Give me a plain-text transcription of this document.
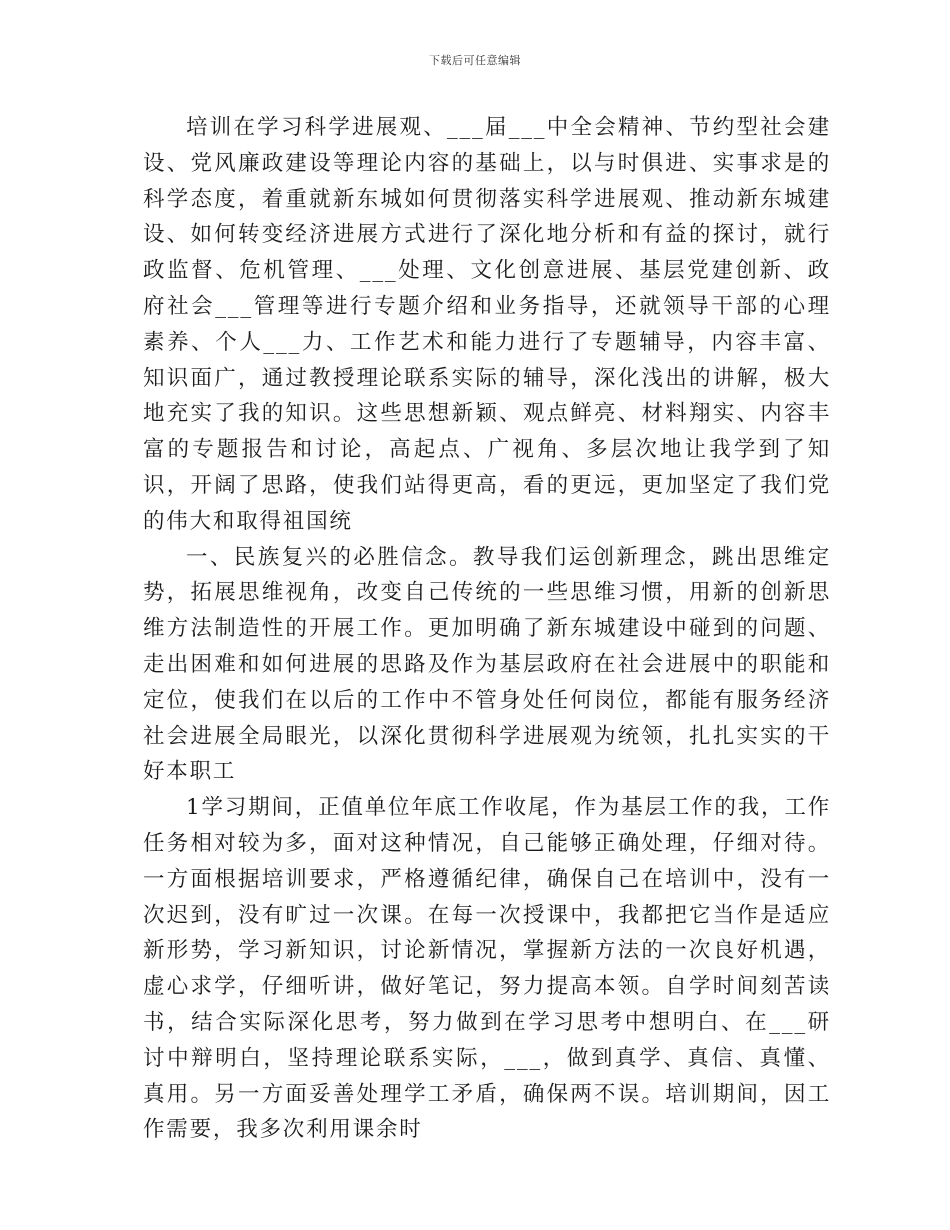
下载后可任意编辑

培训在学习科学进展观、___届___中全会精神、节约型社会建设、党风廉政建设等理论内容的基础上，以与时俱进、实事求是的科学态度，着重就新东城如何贯彻落实科学进展观、推动新东城建设、如何转变经济进展方式进行了深化地分析和有益的探讨，就行政监督、危机管理、___处理、文化创意进展、基层党建创新、政府社会___管理等进行专题介绍和业务指导，还就领导干部的心理素养、个人___力、工作艺术和能力进行了专题辅导，内容丰富、知识面广，通过教授理论联系实际的辅导，深化浅出的讲解，极大地充实了我的知识。这些思想新颖、观点鲜亮、材料翔实、内容丰富的专题报告和讨论，高起点、广视角、多层次地让我学到了知识，开阔了思路，使我们站得更高，看的更远，更加坚定了我们党的伟大和取得祖国统

一、民族复兴的必胜信念。教导我们运创新理念，跳出思维定势，拓展思维视角，改变自己传统的一些思维习惯，用新的创新思维方法制造性的开展工作。更加明确了新东城建设中碰到的问题、走出困难和如何进展的思路及作为基层政府在社会进展中的职能和定位，使我们在以后的工作中不管身处任何岗位，都能有服务经济社会进展全局眼光，以深化贯彻科学进展观为统领，扎扎实实的干好本职工

1学习期间，正值单位年底工作收尾，作为基层工作的我，工作任务相对较为多，面对这种情况，自己能够正确处理，仔细对待。一方面根据培训要求，严格遵循纪律，确保自己在培训中，没有一次迟到，没有旷过一次课。在每一次授课中，我都把它当作是适应新形势，学习新知识，讨论新情况，掌握新方法的一次良好机遇，虚心求学，仔细听讲，做好笔记，努力提高本领。自学时间刻苦读书，结合实际深化思考，努力做到在学习思考中想明白、在___研讨中辩明白，坚持理论联系实际，___，做到真学、真信、真懂、真用。另一方面妥善处理学工矛盾，确保两不误。培训期间，因工作需要，我多次利用课余时
